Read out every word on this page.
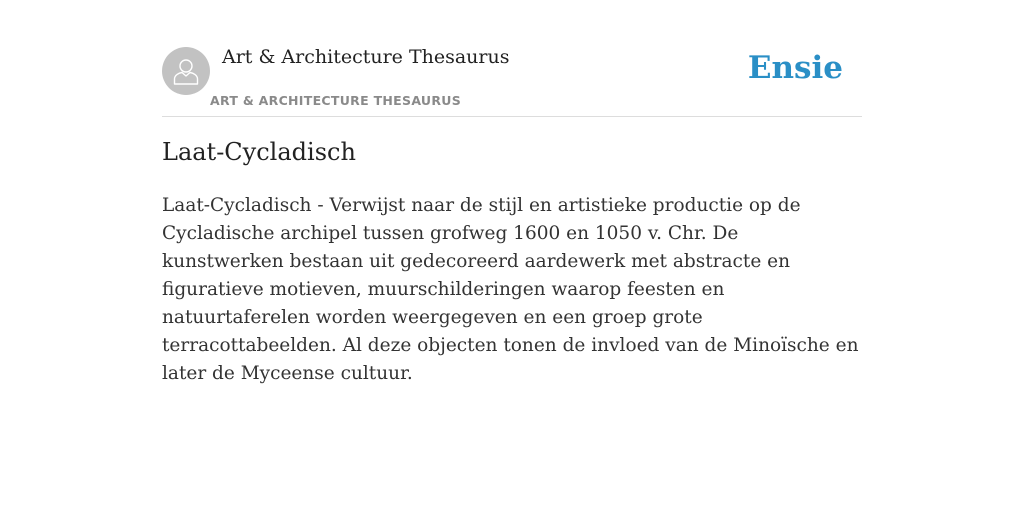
Art & Architecture Thesaurus
ART & ARCHITECTURE THESAURUS
Ensie
Laat-Cycladisch

Laat-Cycladisch - Verwijst naar de stijl en artistieke productie op de Cycladische archipel tussen grofweg 1600 en 1050 v. Chr. De kunstwerken bestaan uit gedecoreerd aardewerk met abstracte en figuratieve motieven, muurschilderingen waarop feesten en natuurtaferelen worden weergegeven en een groep grote terracottabeelden. Al deze objecten tonen de invloed van de Minoïsche en later de Myceense cultuur.
